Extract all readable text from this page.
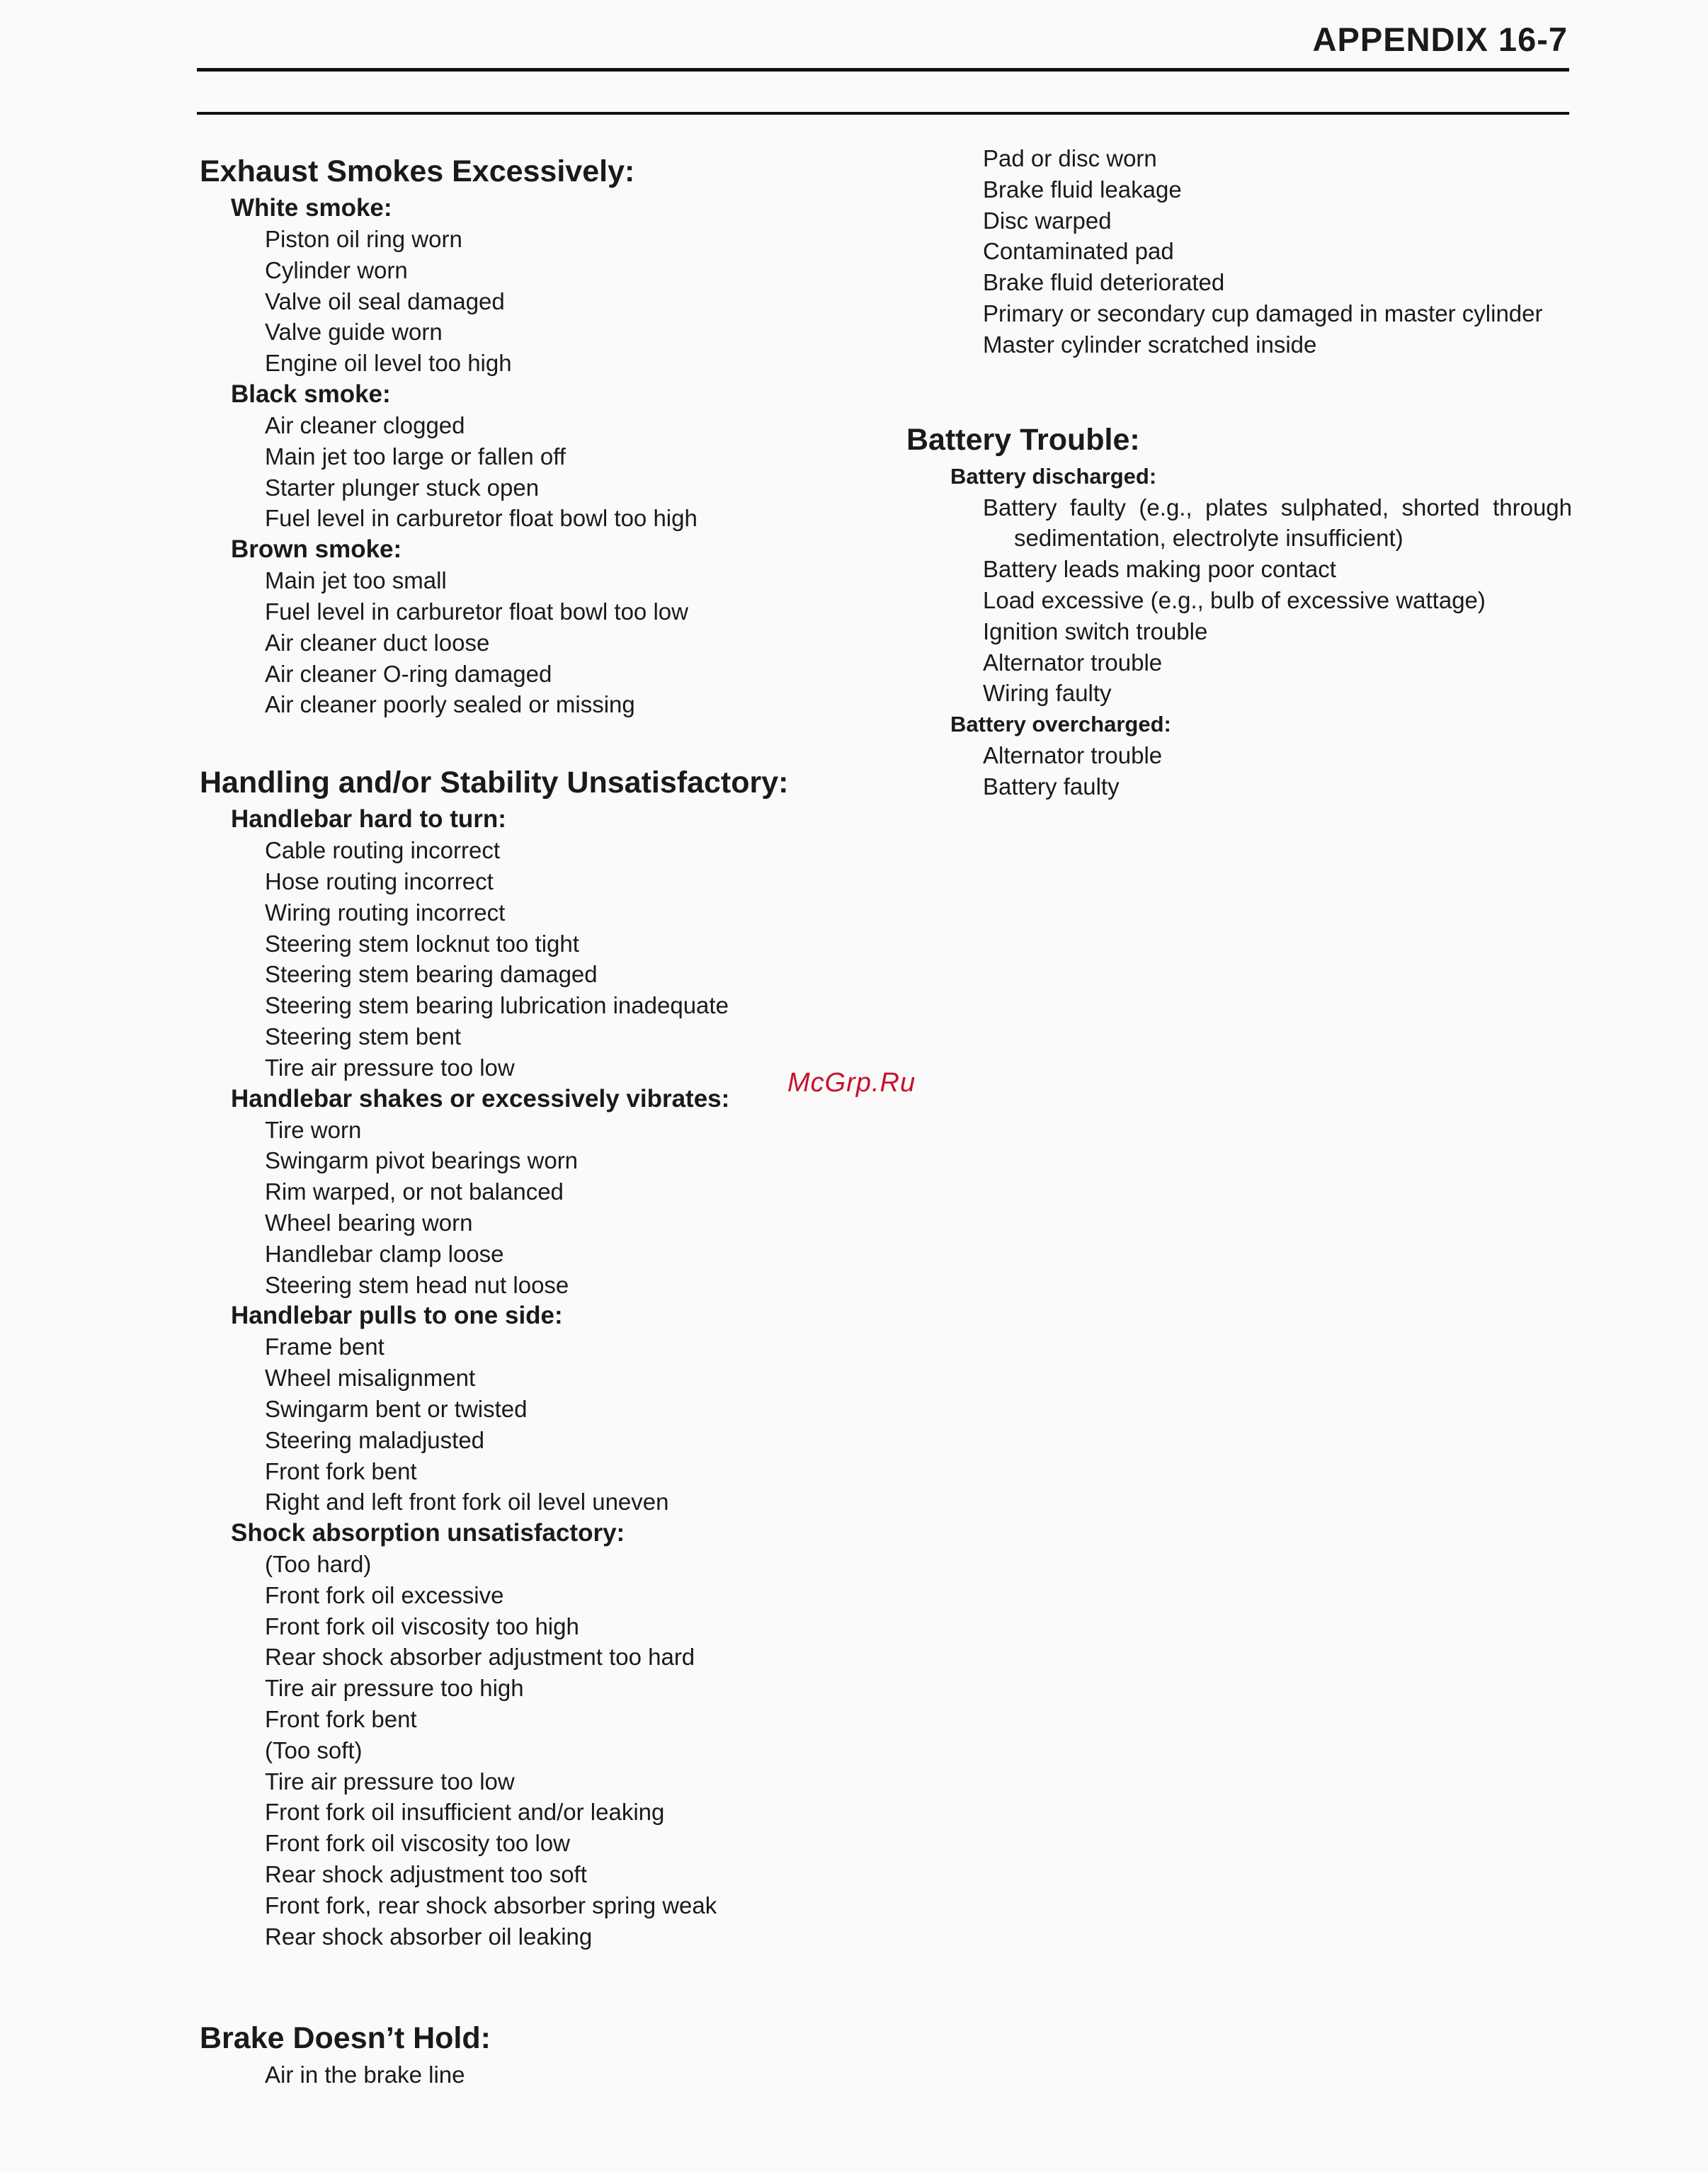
APPENDIX 16-7

Exhaust Smokes Excessively:

White smoke:

Piston oil ring worn

Cylinder worn

Valve oil seal damaged

Valve guide worn

Engine oil level too high

Black smoke:

Air cleaner clogged

Main jet too large or fallen off

Starter plunger stuck open

Fuel level in carburetor float bowl too high

Brown smoke:

Main jet too small

Fuel level in carburetor float bowl too low

Air cleaner duct loose

Air cleaner O-ring damaged

Air cleaner poorly sealed or missing

Handling and/or Stability Unsatisfactory:

Handlebar hard to turn:

Cable routing incorrect

Hose routing incorrect

Wiring routing incorrect

Steering stem locknut too tight

Steering stem bearing damaged

Steering stem bearing lubrication inadequate

Steering stem bent

Tire air pressure too low

Handlebar shakes or excessively vibrates:

Tire worn

Swingarm pivot bearings worn

Rim warped, or not balanced

Wheel bearing worn

Handlebar clamp loose

Steering stem head nut loose

Handlebar pulls to one side:

Frame bent

Wheel misalignment

Swingarm bent or twisted

Steering maladjusted

Front fork bent

Right and left front fork oil level uneven

Shock absorption unsatisfactory:

(Too hard)

Front fork oil excessive

Front fork oil viscosity too high

Rear shock absorber adjustment too hard

Tire air pressure too high

Front fork bent

(Too soft)

Tire air pressure too low

Front fork oil insufficient and/or leaking

Front fork oil viscosity too low

Rear shock adjustment too soft

Front fork, rear shock absorber spring weak

Rear shock absorber oil leaking

Brake Doesn’t Hold:

Air in the brake line

Pad or disc worn

Brake fluid leakage

Disc warped

Contaminated pad

Brake fluid deteriorated

Primary or secondary cup damaged in master cylinder

Master cylinder scratched inside

Battery Trouble:

Battery discharged:

Battery faulty (e.g., plates sulphated, shorted through sedimentation, electrolyte insufficient)

Battery leads making poor contact

Load excessive (e.g., bulb of excessive wattage)

Ignition switch trouble

Alternator trouble

Wiring faulty

Battery overcharged:

Alternator trouble

Battery faulty

McGrp.Ru
